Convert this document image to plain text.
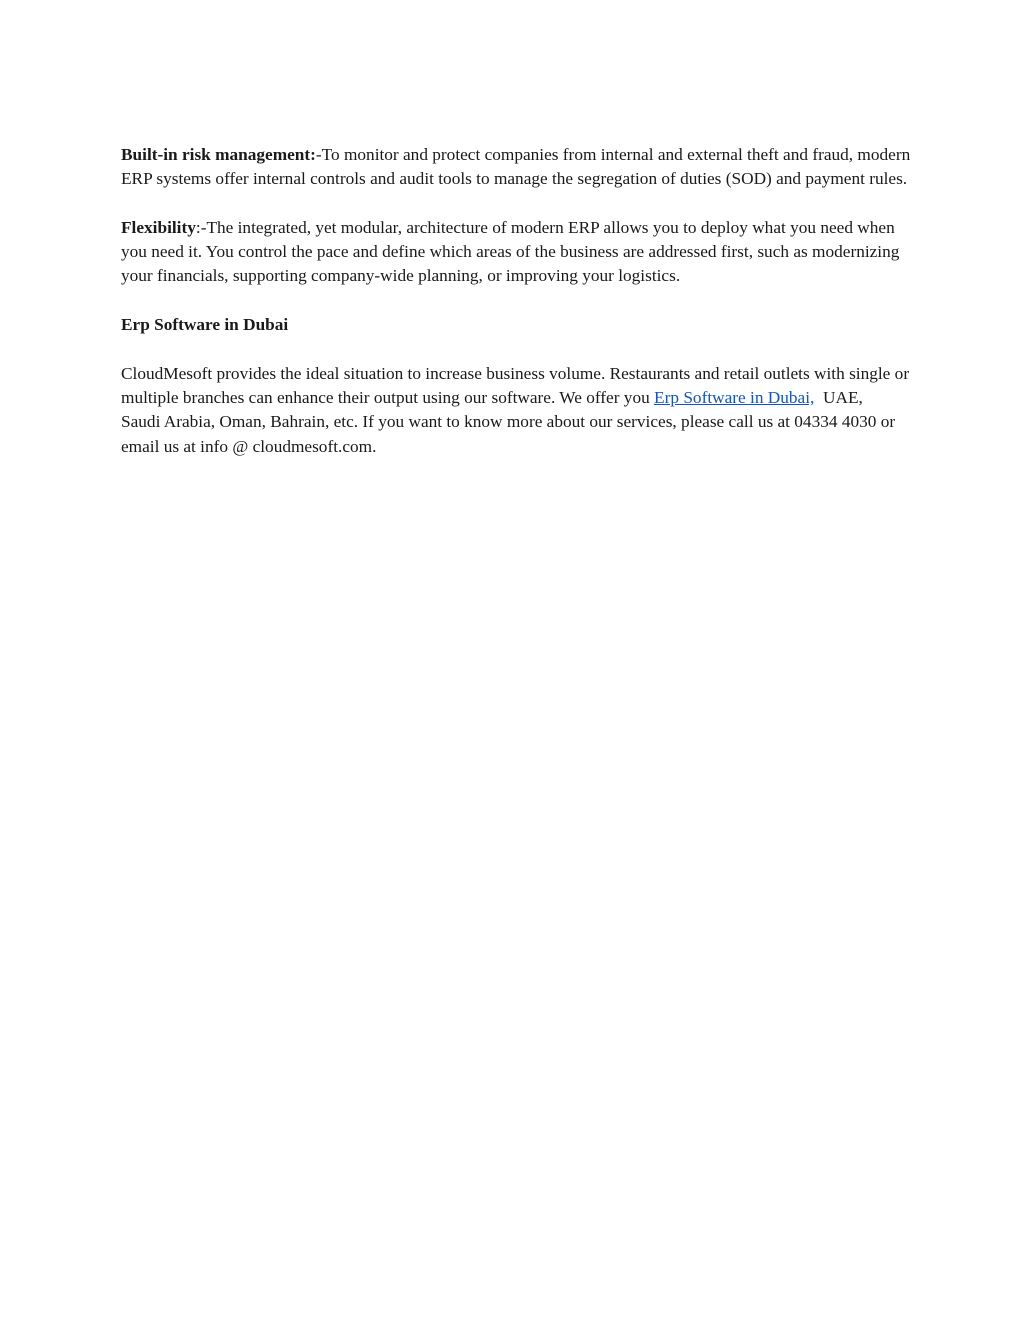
Built-in risk management:-To monitor and protect companies from internal and external theft and fraud, modern ERP systems offer internal controls and audit tools to manage the segregation of duties (SOD) and payment rules.

Flexibility:-The integrated, yet modular, architecture of modern ERP allows you to deploy what you need when you need it. You control the pace and define which areas of the business are addressed first, such as modernizing your financials, supporting company-wide planning, or improving your logistics.

Erp Software in Dubai

CloudMesoft provides the ideal situation to increase business volume. Restaurants and retail outlets with single or multiple branches can enhance their output using our software. We offer you Erp Software in Dubai,  UAE,   Saudi Arabia, Oman, Bahrain, etc. If you want to know more about our services, please call us at 04334 4030 or email us at info @ cloudmesoft.com.
